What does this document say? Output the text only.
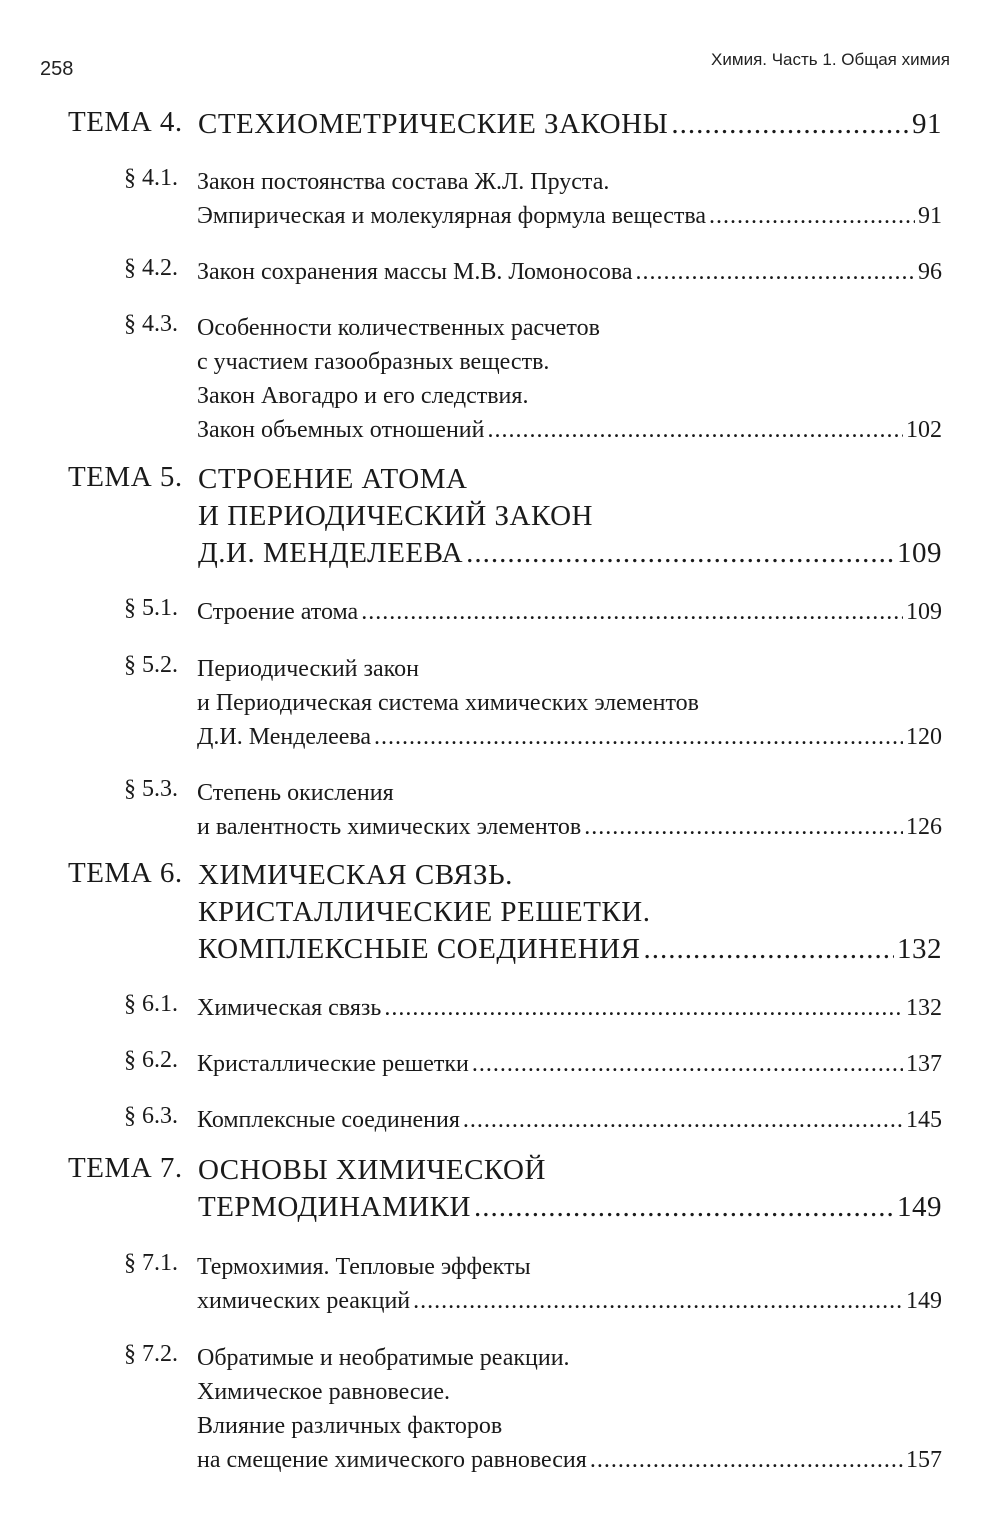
258	Химия. Часть 1. Общая химия
ТЕМА 4. СТЕХИОМЕТРИЧЕСКИЕ ЗАКОНЫ .....	91
§ 4.1. Закон постоянства состава Ж.Л. Пруста.
Эмпирическая и молекулярная формула вещества .....	91
§ 4.2. Закон сохранения массы М.В. Ломоносова .....	96
§ 4.3. Особенности количественных расчетов
с участием газообразных веществ.
Закон Авогадро и его следствия.
Закон объемных отношений .....	102
ТЕМА 5. СТРОЕНИЕ АТОМА
И ПЕРИОДИЧЕСКИЙ ЗАКОН
Д.И. МЕНДЕЛЕЕВА .....	109
§ 5.1. Строение атома .....	109
§ 5.2. Периодический закон
и Периодическая система химических элементов
Д.И. Менделеева .....	120
§ 5.3. Степень окисления
и валентность химических элементов .....	126
ТЕМА 6. ХИМИЧЕСКАЯ СВЯЗЬ.
КРИСТАЛЛИЧЕСКИЕ РЕШЕТКИ.
КОМПЛЕКСНЫЕ СОЕДИНЕНИЯ .....	132
§ 6.1. Химическая связь .....	132
§ 6.2. Кристаллические решетки .....	137
§ 6.3. Комплексные соединения .....	145
ТЕМА 7. ОСНОВЫ ХИМИЧЕСКОЙ
ТЕРМОДИНАМИКИ .....	149
§ 7.1. Термохимия. Тепловые эффекты
химических реакций .....	149
§ 7.2. Обратимые и необратимые реакции.
Химическое равновесие.
Влияние различных факторов
на смещение химического равновесия .....	157
